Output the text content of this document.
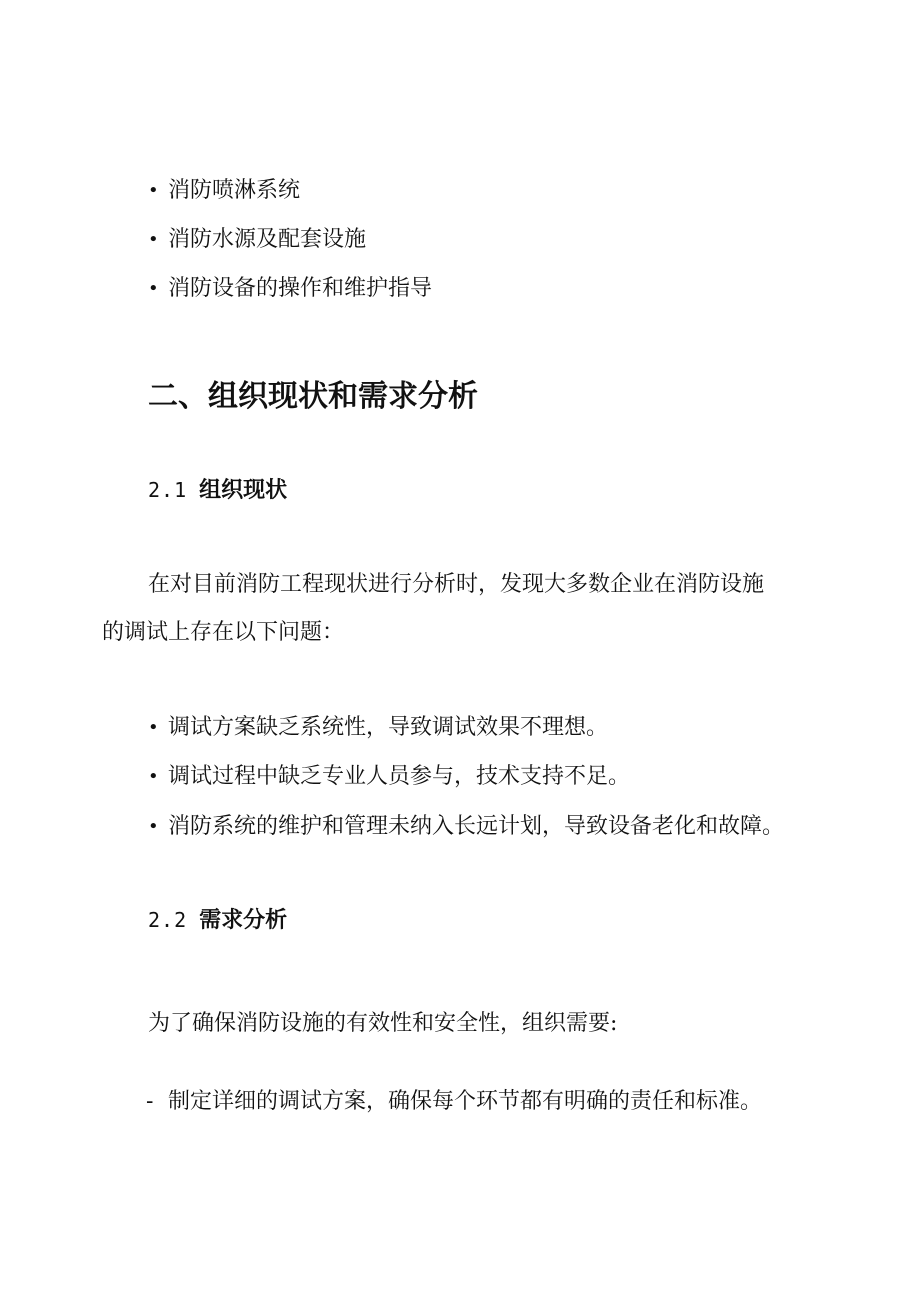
• 消防喷淋系统
• 消防水源及配套设施
• 消防设备的操作和维护指导
二、组织现状和需求分析
2.1 组织现状
在对目前消防工程现状进行分析时，发现大多数企业在消防设施
的调试上存在以下问题：
• 调试方案缺乏系统性，导致调试效果不理想。
• 调试过程中缺乏专业人员参与，技术支持不足。
• 消防系统的维护和管理未纳入长远计划，导致设备老化和故障。
2.2 需求分析
为了确保消防设施的有效性和安全性，组织需要:
- 制定详细的调试方案，确保每个环节都有明确的责任和标准。
